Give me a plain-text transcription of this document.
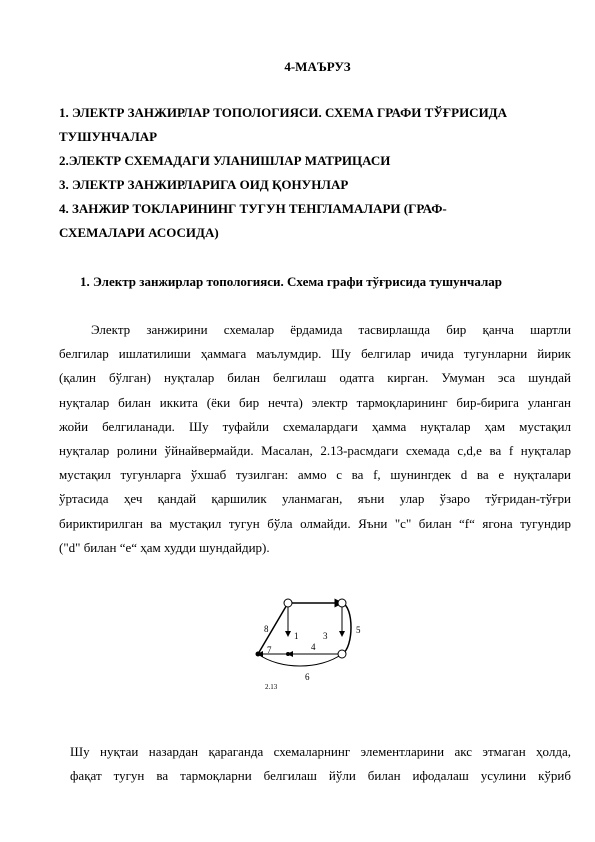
4-МАЪРУЗ
1. ЭЛЕКТР ЗАНЖИРЛАР ТОПОЛОГИЯСИ. СХЕМА ГРАФИ ТЎҒРИСИДА
ТУШУНЧАЛАР
2.ЭЛЕКТР СХЕМАДАГИ УЛАНИШЛАР МАТРИЦАСИ
3. ЭЛЕКТР ЗАНЖИРЛАРИГА ОИД ҚОНУНЛАР
4. ЗАНЖИР ТОКЛАРИНИНГ ТУГУН ТЕНГЛАМАЛАРИ (ГРАФ-
СХЕМАЛАРИ АСОСИДА)
1. Электр занжирлар топологияси. Схема графи тўғрисида тушунчалар
Электр занжирини схемалар ёрдамида тасвирлашда бир қанча шартли
белгилар ишлатилиши ҳаммага маълумдир. Шу белгилар ичида тугунларни йирик
(қалин бўлган) нуқталар билан белгилаш одатга кирган. Умуман эса шундай
нуқталар билан иккита (ёки бир нечта) электр тармоқларининг бир-бирига уланган
жойи белгиланади. Шу туфайли схемалардаги ҳамма нуқталар ҳам мустақил
нуқталар ролини ўйнайвермайди. Масалан, 2.13-расмдаги схемада c,d,e ва f нуқталар
мустақил тугунларга ўхшаб тузилган: аммо c ва f, шунингдек d ва e нуқталари
ўртасида ҳеч қандай қаршилик уланмаган, яъни улар ўзаро тўғридан-тўғри
бириктирилган ва мустақил тугун бўла олмайди. Яъни "c" билан “f“ ягона тугундир
("d" билан “e“ ҳам худди шундайдир).
8
1	3
5
7	4
6
2.13
Шу нуқтаи назардан қараганда схемаларнинг элементларини акс этмаган ҳолда,
фақат тугун ва тармоқларни белгилаш йўли билан ифодалаш усулини кўриб
